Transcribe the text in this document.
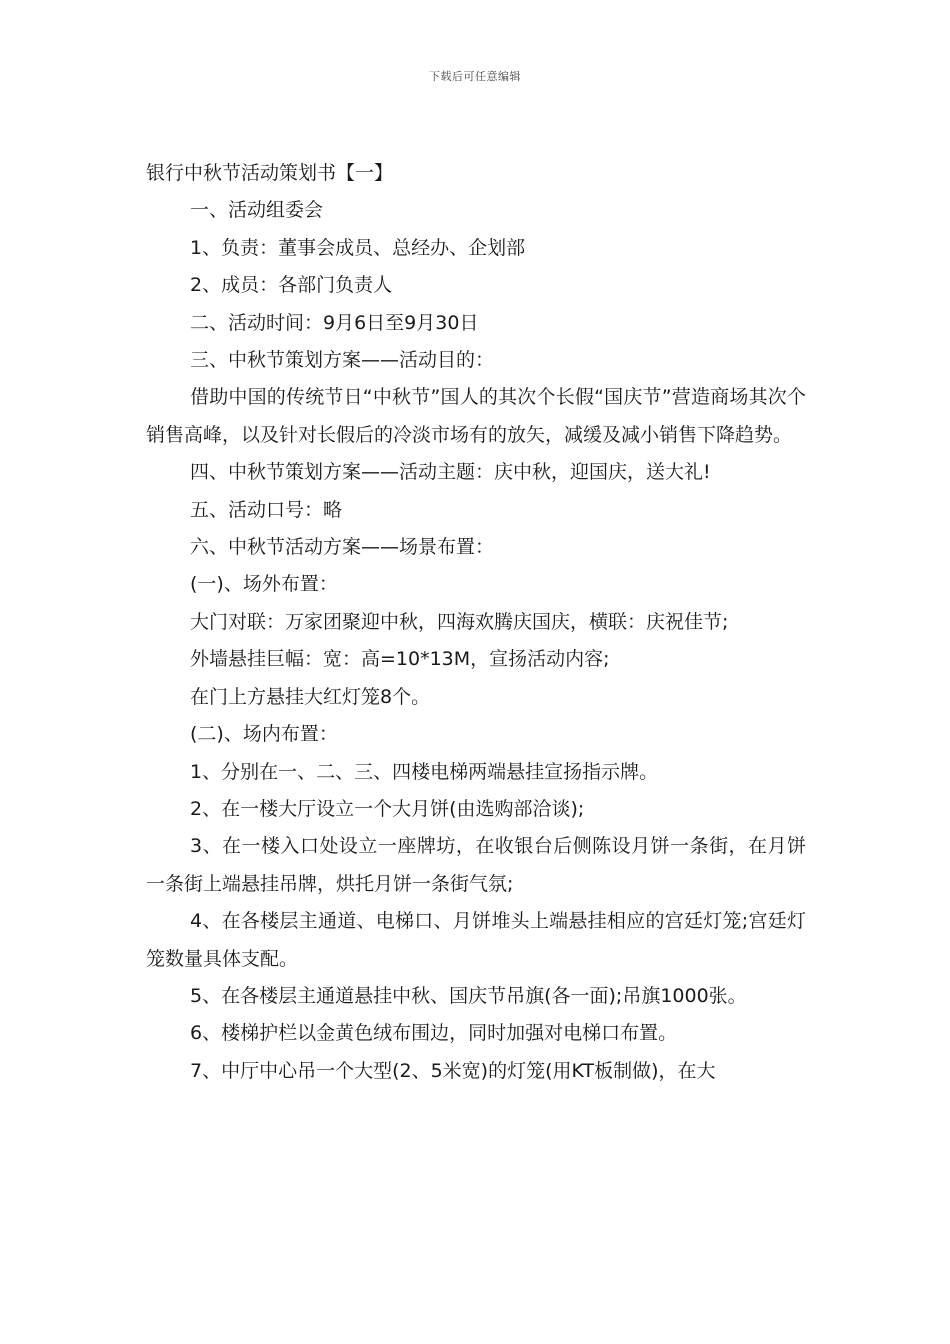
下载后可任意编辑
银行中秋节活动策划书【一】
一、活动组委会
1、负责：董事会成员、总经办、企划部
2、成员：各部门负责人
二、活动时间：9月6日至9月30日
三、中秋节策划方案——活动目的：
借助中国的传统节日“中秋节”国人的其次个长假“国庆节”营造商场其次个销售高峰，以及针对长假后的冷淡市场有的放矢，减缓及减小销售下降趋势。
四、中秋节策划方案——活动主题：庆中秋，迎国庆，送大礼!
五、活动口号：略
六、中秋节活动方案——场景布置：
(一)、场外布置：
大门对联：万家团聚迎中秋，四海欢腾庆国庆，横联：庆祝佳节;
外墙悬挂巨幅：宽：高=10*13M，宣扬活动内容;
在门上方悬挂大红灯笼8个。
(二)、场内布置：
1、分别在一、二、三、四楼电梯两端悬挂宣扬指示牌。
2、在一楼大厅设立一个大月饼(由选购部洽谈);
3、在一楼入口处设立一座牌坊，在收银台后侧陈设月饼一条街，在月饼一条街上端悬挂吊牌，烘托月饼一条街气氛;
4、在各楼层主通道、电梯口、月饼堆头上端悬挂相应的宫廷灯笼;宫廷灯笼数量具体支配。
5、在各楼层主通道悬挂中秋、国庆节吊旗(各一面);吊旗1000张。
6、楼梯护栏以金黄色绒布围边，同时加强对电梯口布置。
7、中厅中心吊一个大型(2、5米宽)的灯笼(用KT板制做)，在大
